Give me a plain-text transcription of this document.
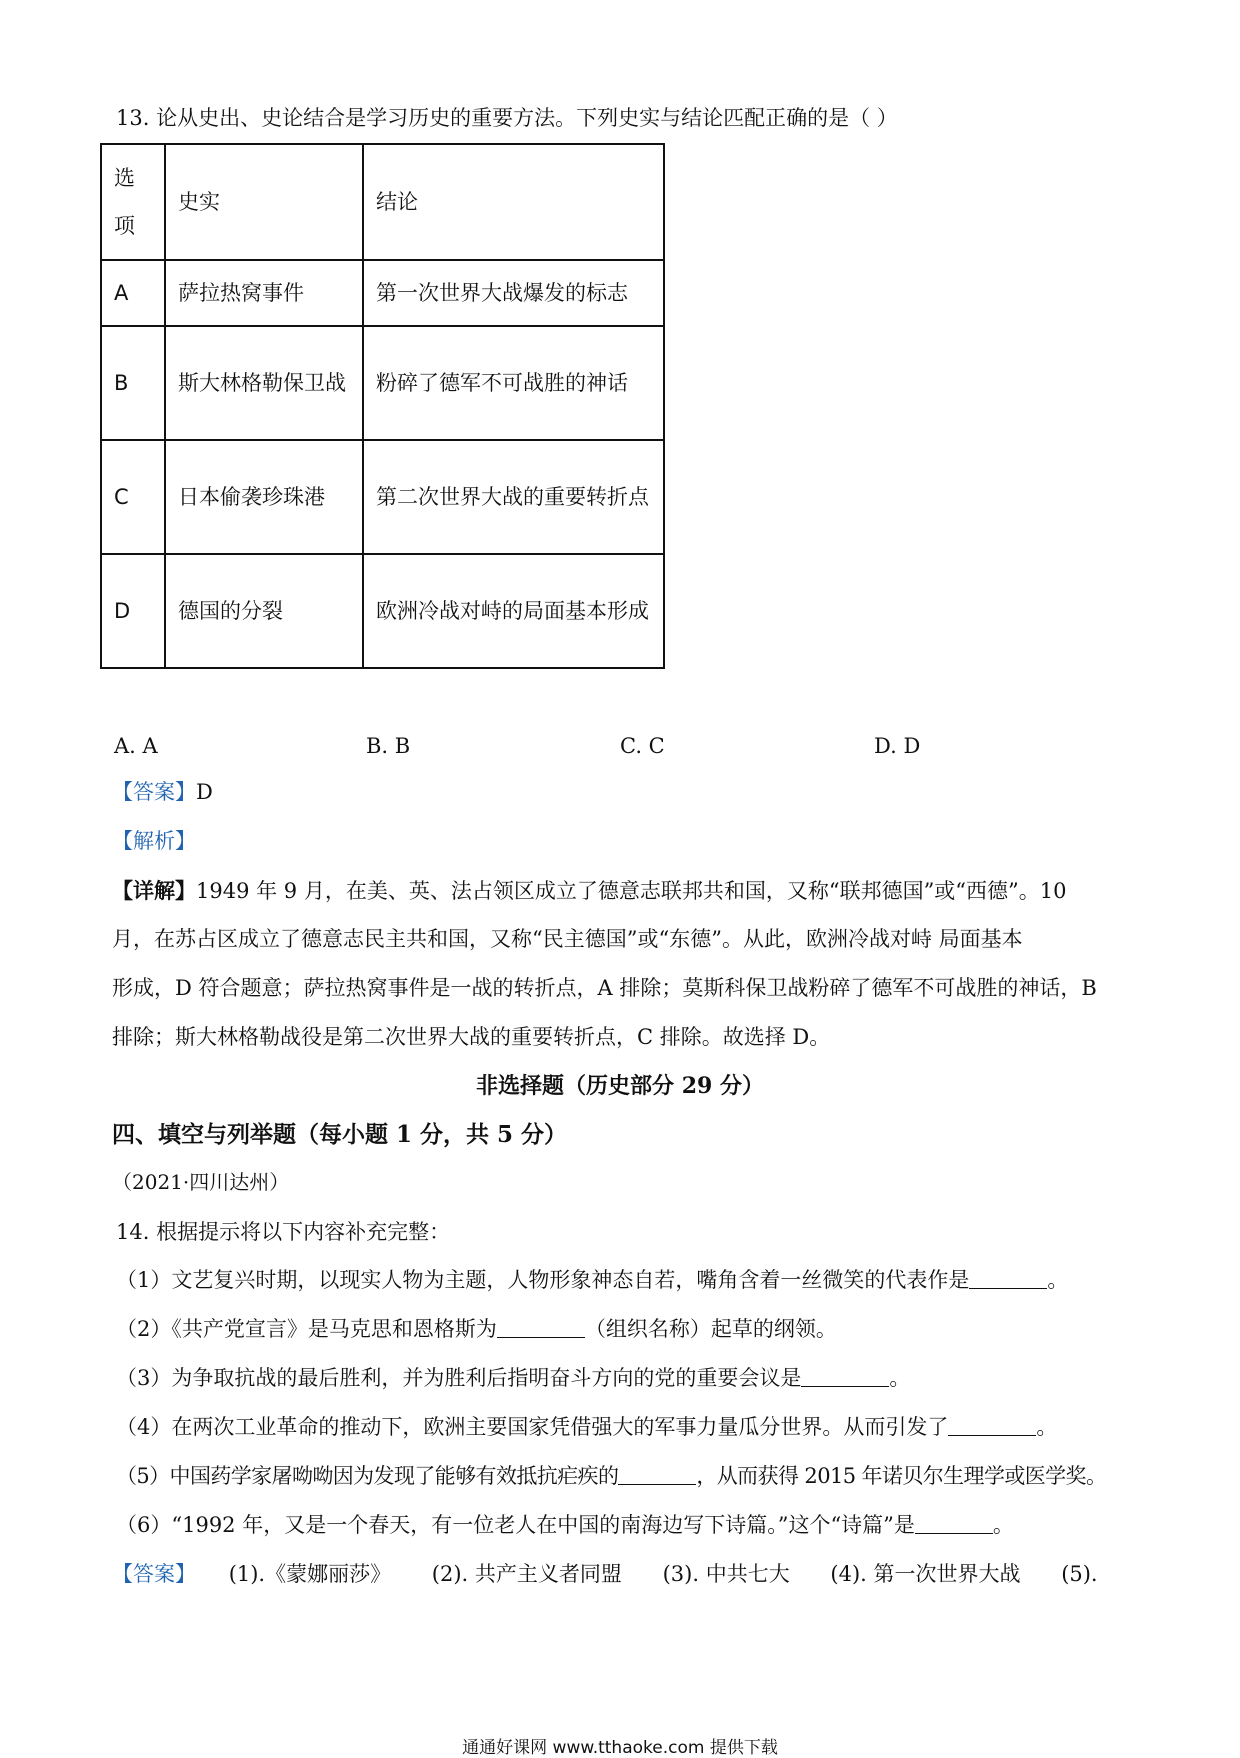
13. 论从史出、史论结合是学习历史的重要方法。下列史实与结论匹配正确的是（ ）
选项	史实	结论
A	萨拉热窝事件	第一次世界大战爆发的标志
B	斯大林格勒保卫战	粉碎了德军不可战胜的神话
C	日本偷袭珍珠港	第二次世界大战的重要转折点
D	德国的分裂	欧洲冷战对峙的局面基本形成
A. A	B. B	C. C	D. D
【答案】D
【解析】
【详解】1949 年 9 月，在美、英、法占领区成立了德意志联邦共和国，又称“联邦德国”或“西德”。10
月，在苏占区成立了德意志民主共和国，又称“民主德国”或“东德”。从此，欧洲冷战对峙 局面基本
形成，D 符合题意；萨拉热窝事件是一战的转折点，A 排除；莫斯科保卫战粉碎了德军不可战胜的神话，B
排除；斯大林格勒战役是第二次世界大战的重要转折点，C 排除。故选择 D。
非选择题（历史部分 29 分）
四、填空与列举题（每小题 1 分，共 5 分）
（2021·四川达州）
14. 根据提示将以下内容补充完整：
（1）文艺复兴时期，以现实人物为主题，人物形象神态自若，嘴角含着一丝微笑的代表作是	。
（2）《共产党宣言》是马克思和恩格斯为	（组织名称）起草的纲领。
（3）为争取抗战的最后胜利，并为胜利后指明奋斗方向的党的重要会议是	。
（4）在两次工业革命的推动下，欧洲主要国家凭借强大的军事力量瓜分世界。从而引发了	。
（5）中国药学家屠呦呦因为发现了能够有效抵抗疟疾的	，从而获得 2015 年诺贝尔生理学或医学奖。
（6）“1992 年，又是一个春天，有一位老人在中国的南海边写下诗篇。”这个“诗篇”是	。
【答案】 (1).《蒙娜丽莎》 (2). 共产主义者同盟 (3). 中共七大 (4). 第一次世界大战 (5).
通通好课网 www.tthaoke.com 提供下载
